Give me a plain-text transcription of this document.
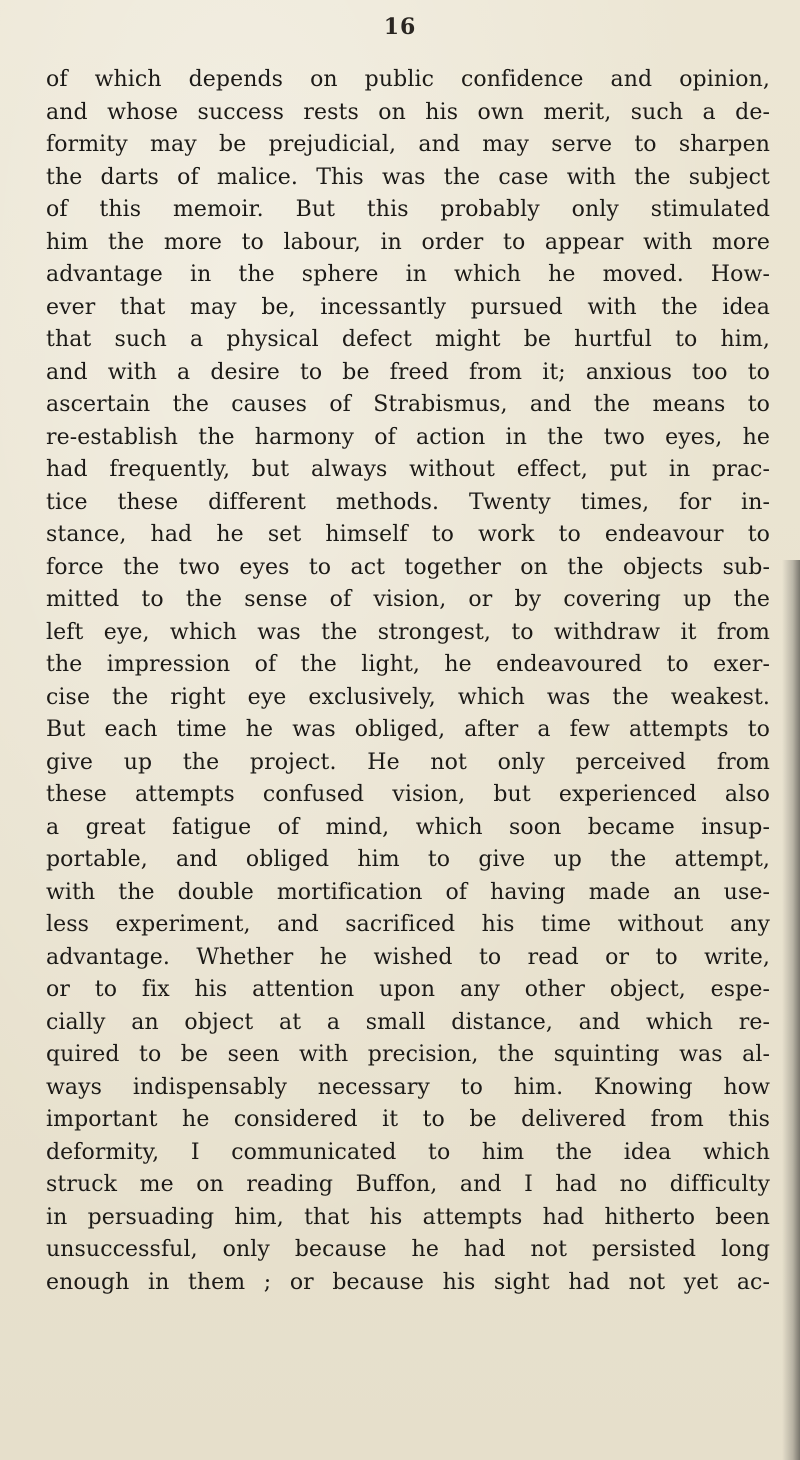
16
of which depends on public confidence and opinion,
and whose success rests on his own merit, such a de-
formity may be prejudicial, and may serve to sharpen
the darts of malice. This was the case with the subject
of this memoir. But this probably only stimulated
him the more to labour, in order to appear with more
advantage in the sphere in which he moved. How-
ever that may be, incessantly pursued with the idea
that such a physical defect might be hurtful to him,
and with a desire to be freed from it; anxious too to
ascertain the causes of Strabismus, and the means to
re-establish the harmony of action in the two eyes, he
had frequently, but always without effect, put in prac-
tice these different methods. Twenty times, for in-
stance, had he set himself to work to endeavour to
force the two eyes to act together on the objects sub-
mitted to the sense of vision, or by covering up the
left eye, which was the strongest, to withdraw it from
the impression of the light, he endeavoured to exer-
cise the right eye exclusively, which was the weakest.
But each time he was obliged, after a few attempts to
give up the project. He not only perceived from
these attempts confused vision, but experienced also
a great fatigue of mind, which soon became insup-
portable, and obliged him to give up the attempt,
with the double mortification of having made an use-
less experiment, and sacrificed his time without any
advantage. Whether he wished to read or to write,
or to fix his attention upon any other object, espe-
cially an object at a small distance, and which re-
quired to be seen with precision, the squinting was al-
ways indispensably necessary to him. Knowing how
important he considered it to be delivered from this
deformity, I communicated to him the idea which
struck me on reading Buffon, and I had no difficulty
in persuading him, that his attempts had hitherto been
unsuccessful, only because he had not persisted long
enough in them ; or because his sight had not yet ac-
